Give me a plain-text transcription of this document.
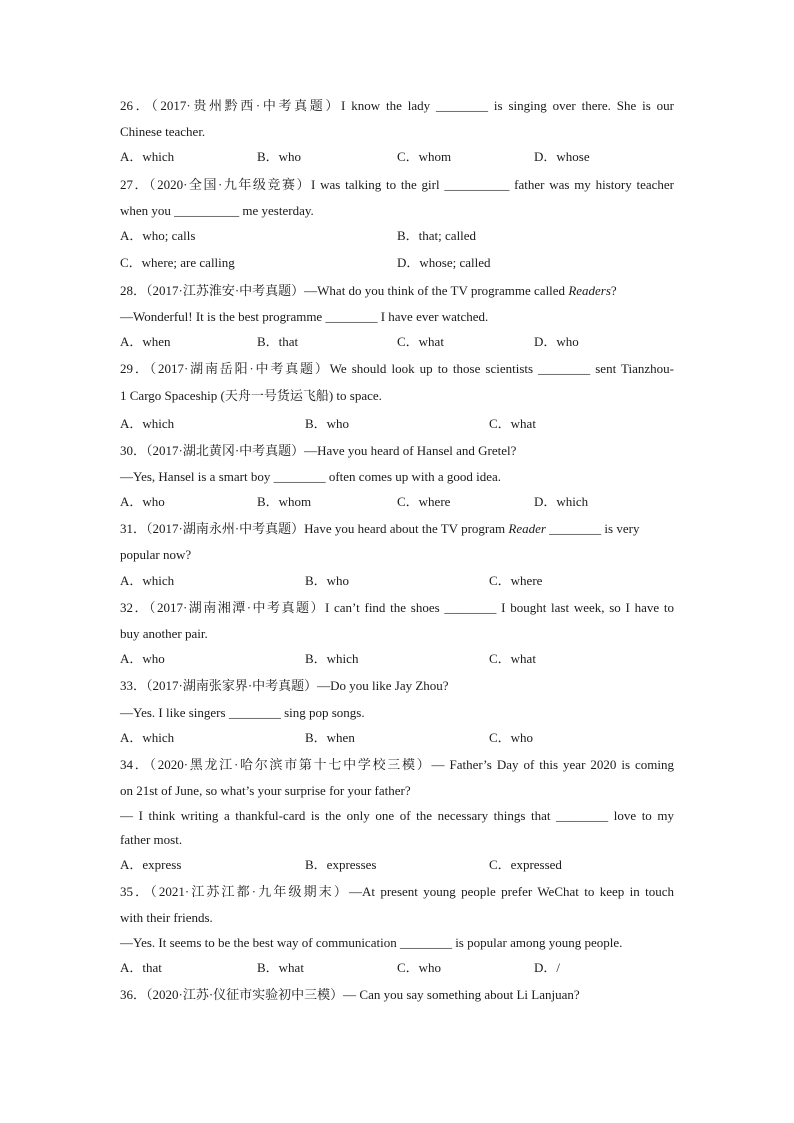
26．（2017·贵州黔西·中考真题）I know the lady ________ is singing over there. She is our
Chinese teacher.
A．which	B．who	C．whom	D．whose
27．（2020·全国·九年级竞赛）I was talking to the girl __________ father was my history teacher
when you __________ me yesterday.
A．who; calls	B．that; called
C．where; are calling	D．whose; called
28．（2017·江苏淮安·中考真题）—What do you think of the TV programme called Readers?
—Wonderful! It is the best programme ________ I have ever watched.
A．when	B．that	C．what	D．who
29．（2017·湖南岳阳·中考真题）We should look up to those scientists ________ sent Tianzhou-
1 Cargo Spaceship (天舟一号货运飞船) to space.
A．which	B．who	C．what
30．（2017·湖北黄冈·中考真题）—Have you heard of Hansel and Gretel?
—Yes, Hansel is a smart boy ________ often comes up with a good idea.
A．who	B．whom	C．where	D．which
31．（2017·湖南永州·中考真题）Have you heard about the TV program Reader ________ is very
popular now?
A．which	B．who	C．where
32．（2017·湖南湘潭·中考真题）I can’t find the shoes ________ I bought last week, so I have to
buy another pair.
A．who	B．which	C．what
33．（2017·湖南张家界·中考真题）—Do you like Jay Zhou?
—Yes. I like singers ________ sing pop songs.
A．which	B．when	C．who
34．（2020·黑龙江·哈尔滨市第十七中学校三模）— Father’s Day of this year 2020 is coming
on 21st of June, so what’s your surprise for your father?
— I think writing a thankful-card is the only one of the necessary things that ________ love to my
father most.
A．express	B．expresses	C．expressed
35．（2021·江苏江都·九年级期末）—At present young people prefer WeChat to keep in touch
with their friends.
—Yes. It seems to be the best way of communication ________ is popular among young people.
A．that	B．what	C．who	D．/
36．（2020·江苏·仪征市实验初中三模）— Can you say something about Li Lanjuan?
